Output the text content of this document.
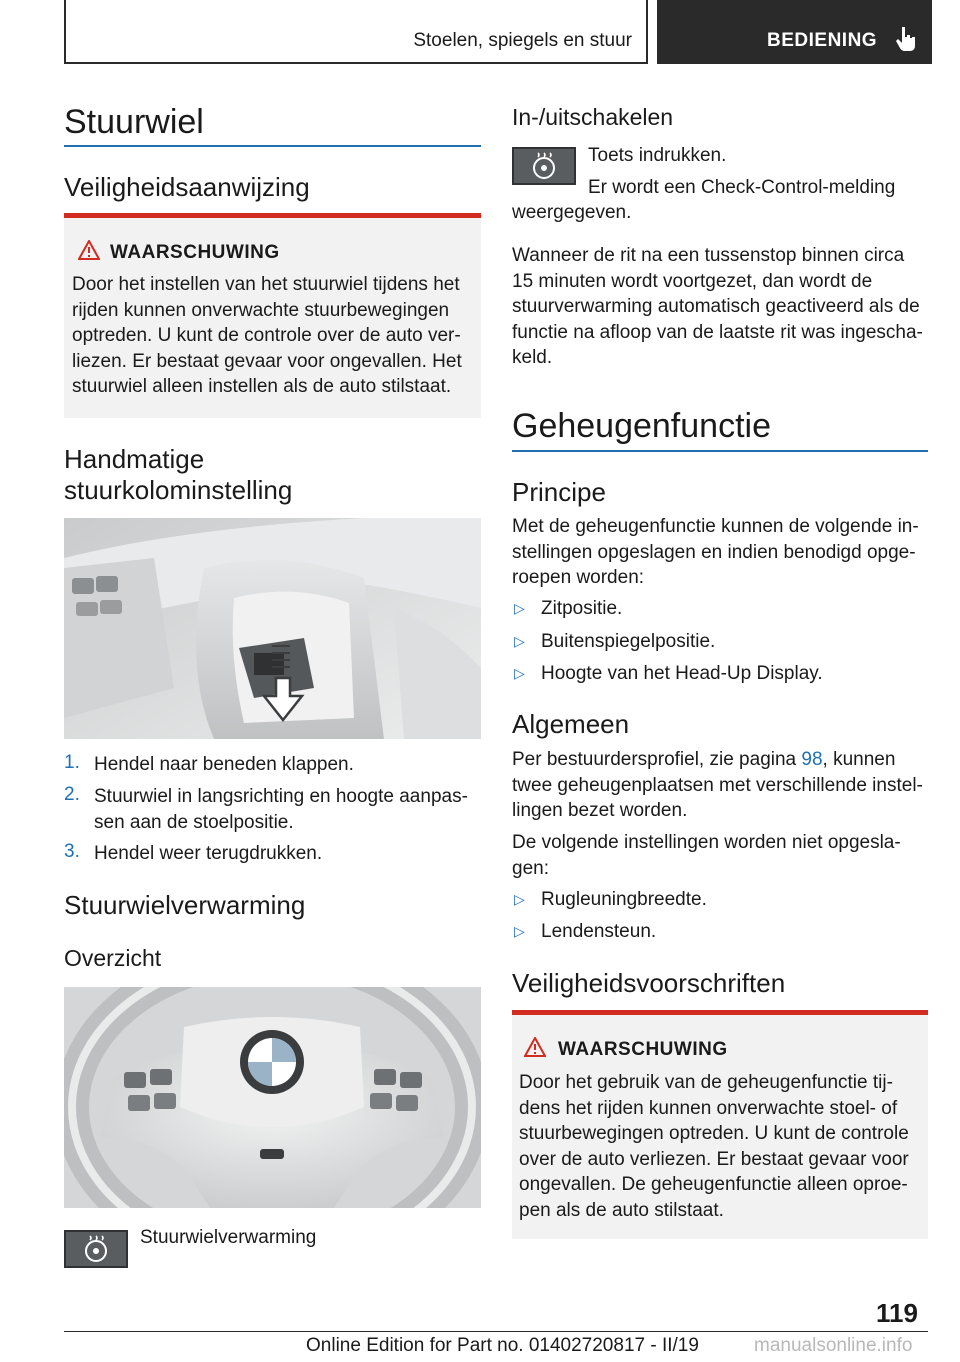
Stoelen, spiegels en stuur	BEDIENING
Stuurwiel
Veiligheidsaanwijzing
WAARSCHUWING
Door het instellen van het stuurwiel tijdens het
rijden kunnen onverwachte stuurbewegingen
optreden. U kunt de controle over de auto ver-
liezen. Er bestaat gevaar voor ongevallen. Het
stuurwiel alleen instellen als de auto stilstaat.
Handmatige
stuurkolominstelling
1. Hendel naar beneden klappen.
2. Stuurwiel in langsrichting en hoogte aanpas-
sen aan de stoelpositie.
3. Hendel weer terugdrukken.
Stuurwielverwarming
Overzicht
Stuurwielverwarming
In-/uitschakelen
Toets indrukken.
Er wordt een Check-Control-melding
weergegeven.
Wanneer de rit na een tussenstop binnen circa
15 minuten wordt voortgezet, dan wordt de
stuurverwarming automatisch geactiveerd als de
functie na afloop van de laatste rit was ingescha-
keld.
Geheugenfunctie
Principe
Met de geheugenfunctie kunnen de volgende in-
stellingen opgeslagen en indien benodigd opge-
roepen worden:
▷ Zitpositie.
▷ Buitenspiegelpositie.
▷ Hoogte van het Head-Up Display.
Algemeen
Per bestuurdersprofiel, zie pagina 98, kunnen
twee geheugenplaatsen met verschillende instel-
lingen bezet worden.
De volgende instellingen worden niet opgesla-
gen:
▷ Rugleuningbreedte.
▷ Lendensteun.
Veiligheidsvoorschriften
WAARSCHUWING
Door het gebruik van de geheugenfunctie tij-
dens het rijden kunnen onverwachte stoel- of
stuurbewegingen optreden. U kunt de controle
over de auto verliezen. Er bestaat gevaar voor
ongevallen. De geheugenfunctie alleen oproe-
pen als de auto stilstaat.
119
Online Edition for Part no. 01402720817 - II/19	manualsonline.info
